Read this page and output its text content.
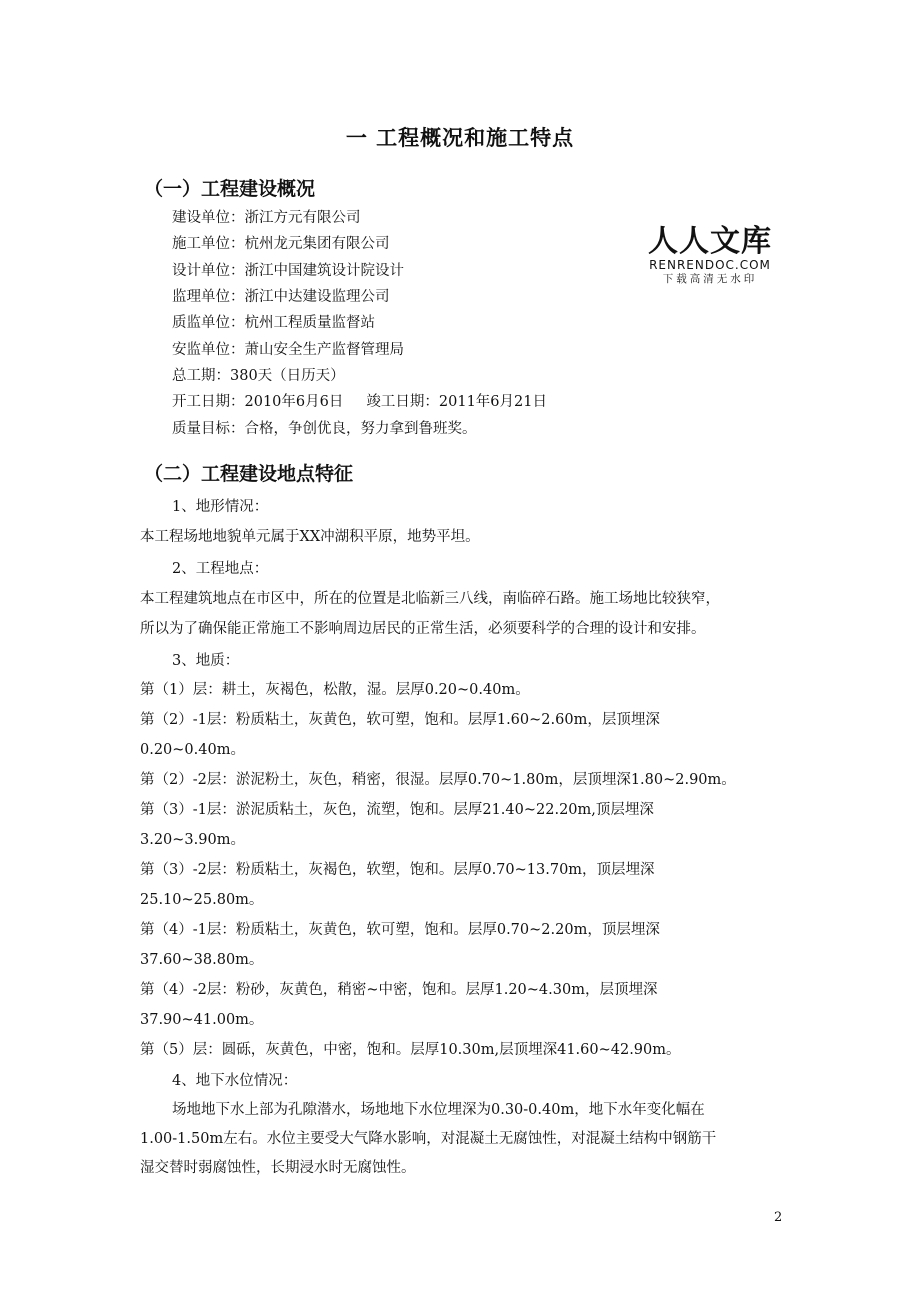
一 工程概况和施工特点
（一）工程建设概况
建设单位：浙江方元有限公司
施工单位：杭州龙元集团有限公司
设计单位：浙江中国建筑设计院设计
监理单位：浙江中达建设监理公司
质监单位：杭州工程质量监督站
安监单位：萧山安全生产监督管理局
总工期：380天（日历天）
开工日期：2010年6月6日     竣工日期：2011年6月21日
质量目标：合格，争创优良，努力拿到鲁班奖。
人人文库
RENRENDOC.COM
下载高清无水印
（二）工程建设地点特征
1、地形情况：
本工程场地地貌单元属于XX冲湖积平原，地势平坦。
2、工程地点：
本工程建筑地点在市区中，所在的位置是北临新三八线，南临碎石路。施工场地比较狭窄，
所以为了确保能正常施工不影响周边居民的正常生活，必须要科学的合理的设计和安排。
3、地质：
第（1）层：耕土，灰褐色，松散，湿。层厚0.20~0.40m。
第（2）-1层：粉质粘土，灰黄色，软可塑，饱和。层厚1.60~2.60m，层顶埋深
0.20~0.40m。
第（2）-2层：淤泥粉土，灰色，稍密，很湿。层厚0.70~1.80m，层顶埋深1.80~2.90m。
第（3）-1层：淤泥质粘土，灰色，流塑，饱和。层厚21.40~22.20m,顶层埋深
3.20~3.90m。
第（3）-2层：粉质粘土，灰褐色，软塑，饱和。层厚0.70~13.70m，顶层埋深
25.10~25.80m。
第（4）-1层：粉质粘土，灰黄色，软可塑，饱和。层厚0.70~2.20m，顶层埋深
37.60~38.80m。
第（4）-2层：粉砂，灰黄色，稍密~中密，饱和。层厚1.20~4.30m，层顶埋深
37.90~41.00m。
第（5）层：圆砾，灰黄色，中密，饱和。层厚10.30m,层顶埋深41.60~42.90m。
4、地下水位情况：
场地地下水上部为孔隙潜水，场地地下水位埋深为0.30-0.40m，地下水年变化幅在
1.00-1.50m左右。水位主要受大气降水影响，对混凝土无腐蚀性，对混凝土结构中钢筋干
湿交替时弱腐蚀性，长期浸水时无腐蚀性。
2
